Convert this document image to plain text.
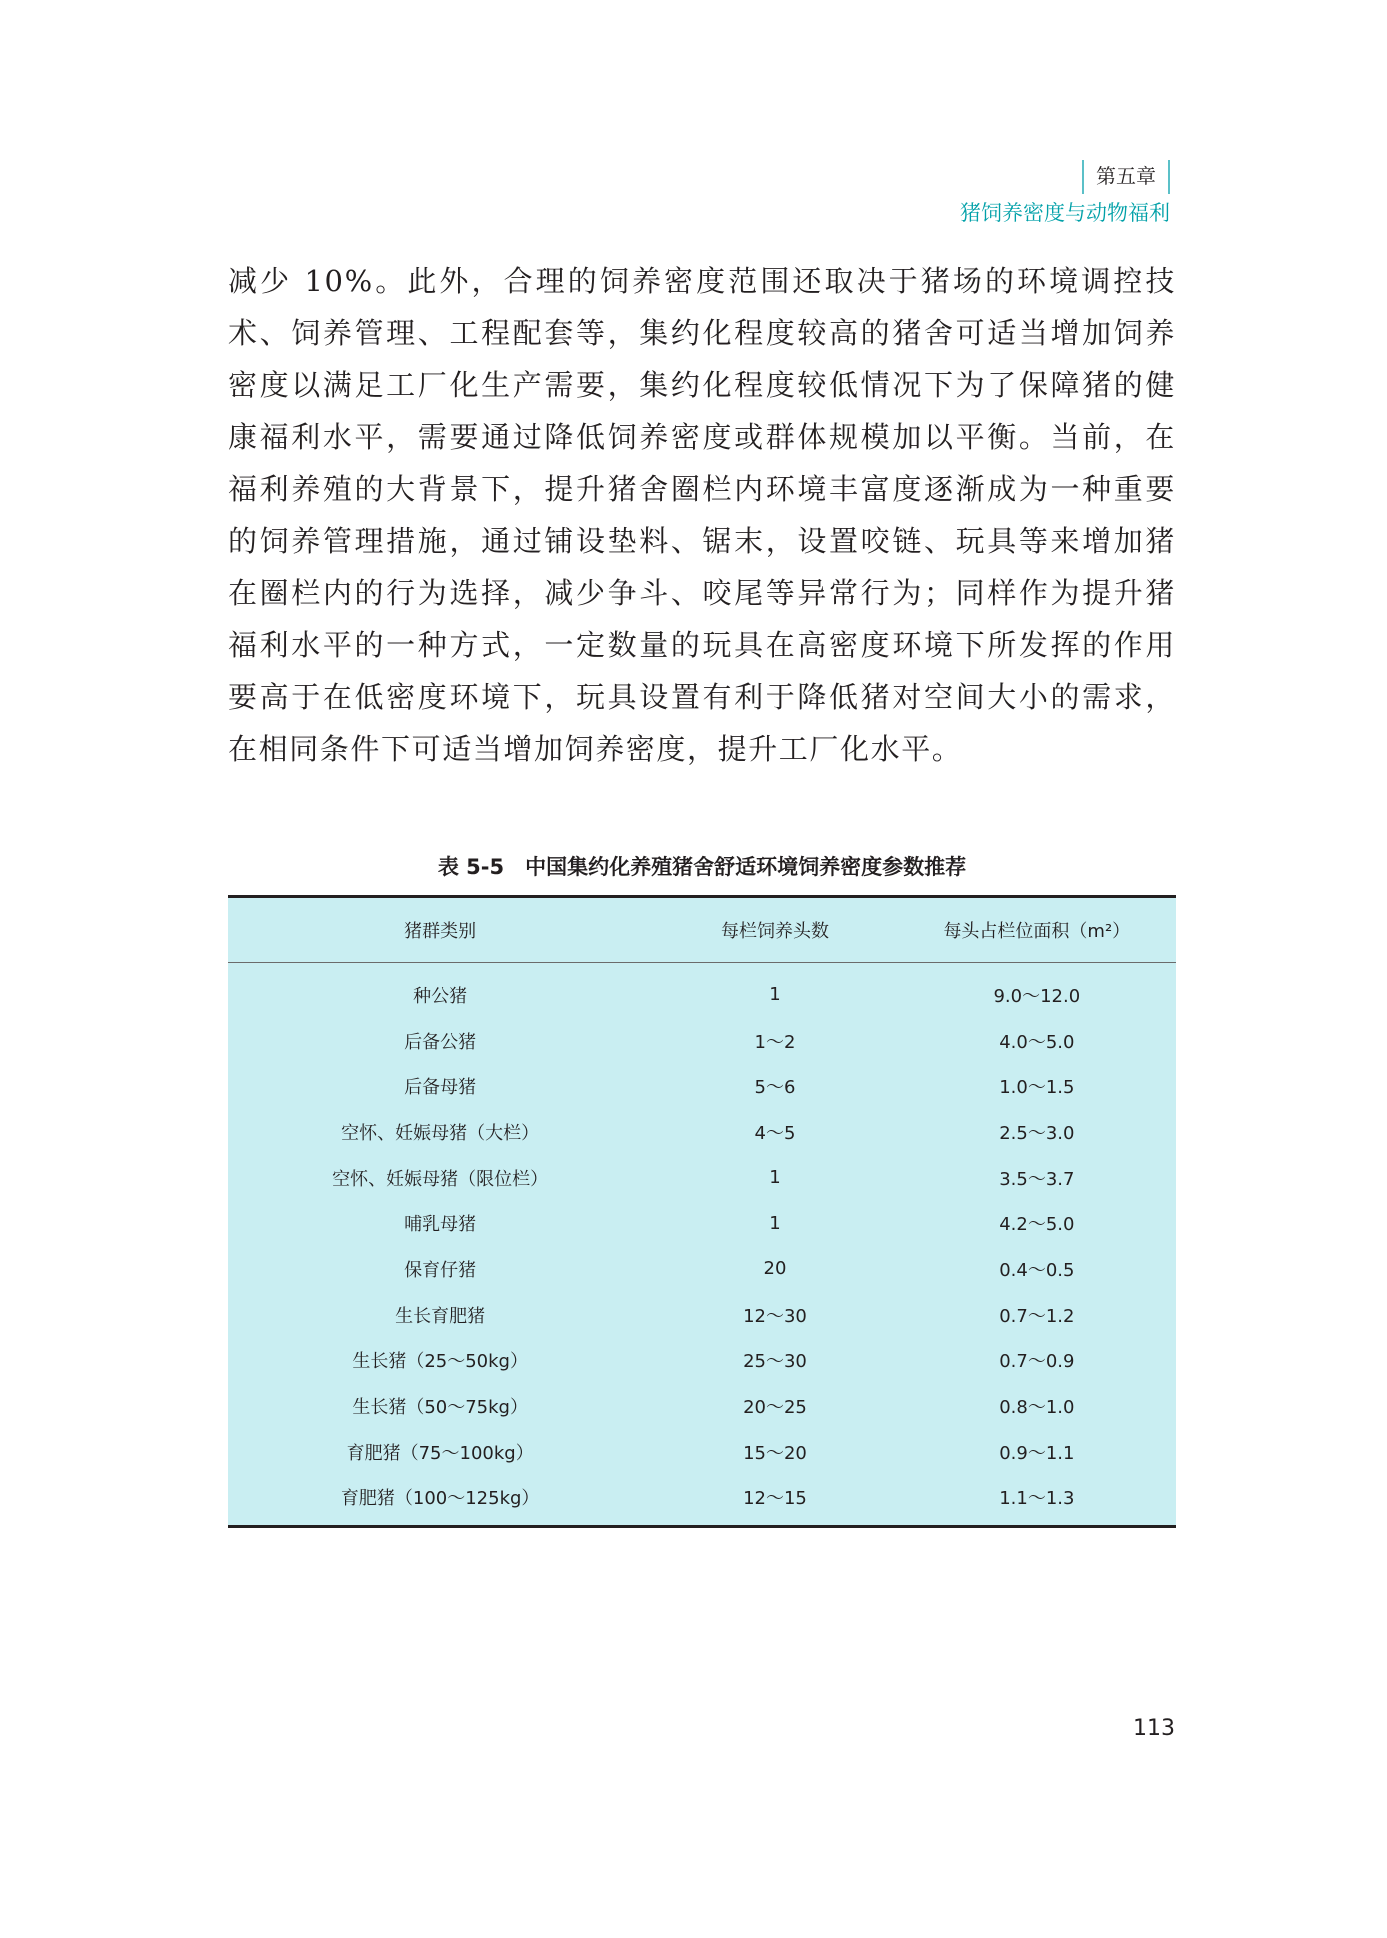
第五章
猪饲养密度与动物福利

减少 10%。此外，合理的饲养密度范围还取决于猪场的环境调控技术、饲养管理、工程配套等，集约化程度较高的猪舍可适当增加饲养密度以满足工厂化生产需要，集约化程度较低情况下为了保障猪的健康福利水平，需要通过降低饲养密度或群体规模加以平衡。当前，在福利养殖的大背景下，提升猪舍圈栏内环境丰富度逐渐成为一种重要的饲养管理措施，通过铺设垫料、锯末，设置咬链、玩具等来增加猪在圈栏内的行为选择，减少争斗、咬尾等异常行为；同样作为提升猪福利水平的一种方式，一定数量的玩具在高密度环境下所发挥的作用要高于在低密度环境下，玩具设置有利于降低猪对空间大小的需求，在相同条件下可适当增加饲养密度，提升工厂化水平。

表 5-5　中国集约化养殖猪舍舒适环境饲养密度参数推荐
猪群类别	每栏饲养头数	每头占栏位面积（m²）
种公猪	1	9.0～12.0
后备公猪	1～2	4.0～5.0
后备母猪	5～6	1.0～1.5
空怀、妊娠母猪（大栏）	4～5	2.5～3.0
空怀、妊娠母猪（限位栏）	1	3.5～3.7
哺乳母猪	1	4.2～5.0
保育仔猪	20	0.4～0.5
生长育肥猪	12～30	0.7～1.2
生长猪（25～50kg）	25～30	0.7～0.9
生长猪（50～75kg）	20～25	0.8～1.0
育肥猪（75～100kg）	15～20	0.9～1.1
育肥猪（100～125kg）	12～15	1.1～1.3
113
